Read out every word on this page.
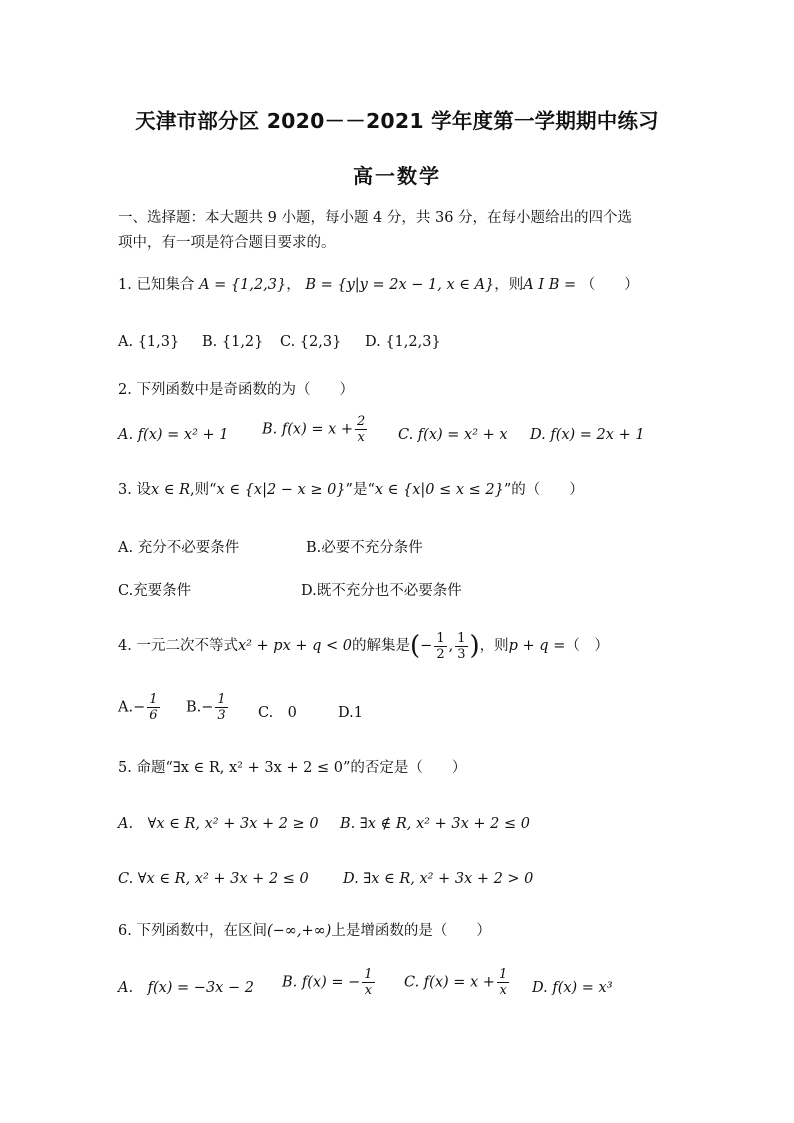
天津市部分区 2020－－2021 学年度第一学期期中练习
高一数学
一、选择题：本大题共 9 小题，每小题 4 分，共 36 分，在每小题给出的四个选
项中，有一项是符合题目要求的。
1. 已知集合 A = {1,2,3}， B = {y|y = 2x − 1, x ∈ A}，则A I B = （　　）
A. {1,3} B. {1,2} C. {2,3} D. {1,2,3}
2. 下列函数中是奇函数的为（　　）
A. f(x) = x² + 1 B. $f(x) = x + \frac{2}{x} C$. f(x) = x² + x D. f(x) = 2x + 1
3. 设x ∈ R,则“x ∈ {x|2 − x ≥ 0}”是“x ∈ {x|0 ≤ x ≤ 2}”的（　　）
A. 充分不必要条件	B.必要不充分条件
C.充要条件	D.既不充分也不必要条件
4. 一元二次不等式x² + px + q < 0的解集是(− $\frac{1}{2}$ , $\frac{1}{3}$ )，则p + q =（　）
$A.- \frac{1}{6} B.- \frac{1}{3} C$.　0	D.1
5. 命题“∃x ∈ R, x² + 3x + 2 ≤ 0”的否定是（　　）
A.　∀x ∈ R, x² + 3x + 2 ≥ 0 B. ∃x ∉ R, x² + 3x + 2 ≤ 0
C. ∀x ∈ R, x² + 3x + 2 ≤ 0 D. ∃x ∈ R, x² + 3x + 2 > 0
6. 下列函数中，在区间(−∞,+∞)上是增函数的是（　　）
A.　f(x) = −3x − 2 B. f(x) = − $\frac{1}{x} C$. $f(x) = x + \frac{1}{x} D$. f(x) = x³
